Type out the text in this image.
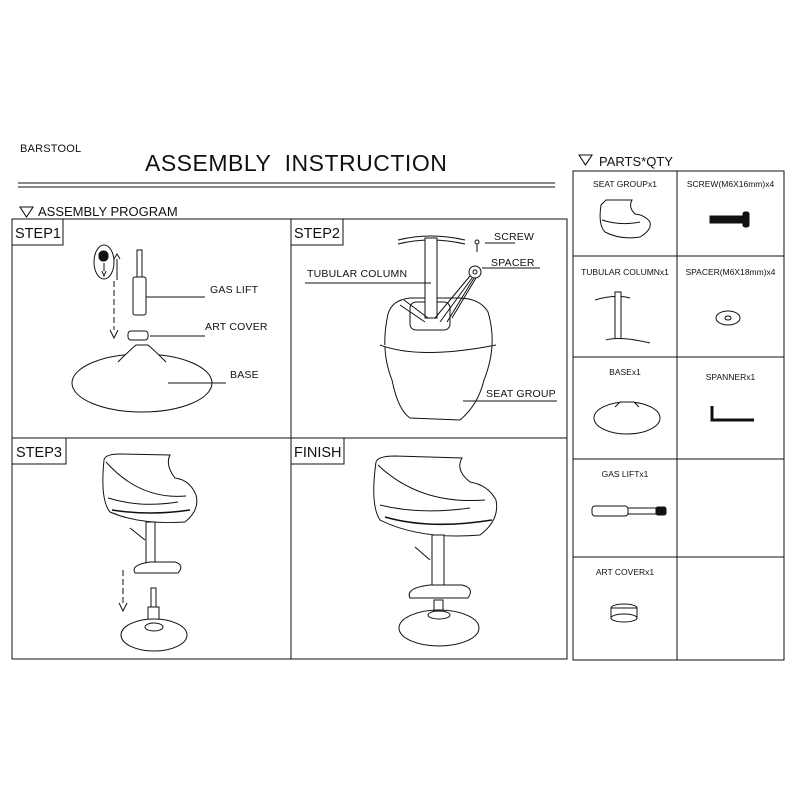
BARSTOOL
ASSEMBLY  INSTRUCTION
ASSEMBLY PROGRAM
PARTS*QTY
STEP1	STEP2
STEP3	FINISH
GAS LIFT
ART COVER
BASE
SCREW
SPACER
TUBULAR COLUMN
SEAT GROUP
SEAT GROUPx1	SCREW(M6X16mm)x4
TUBULAR COLUMNx1	SPACER(M6X18mm)x4
BASEx1	SPANNERx1
GAS LIFTx1
ART COVERx1
